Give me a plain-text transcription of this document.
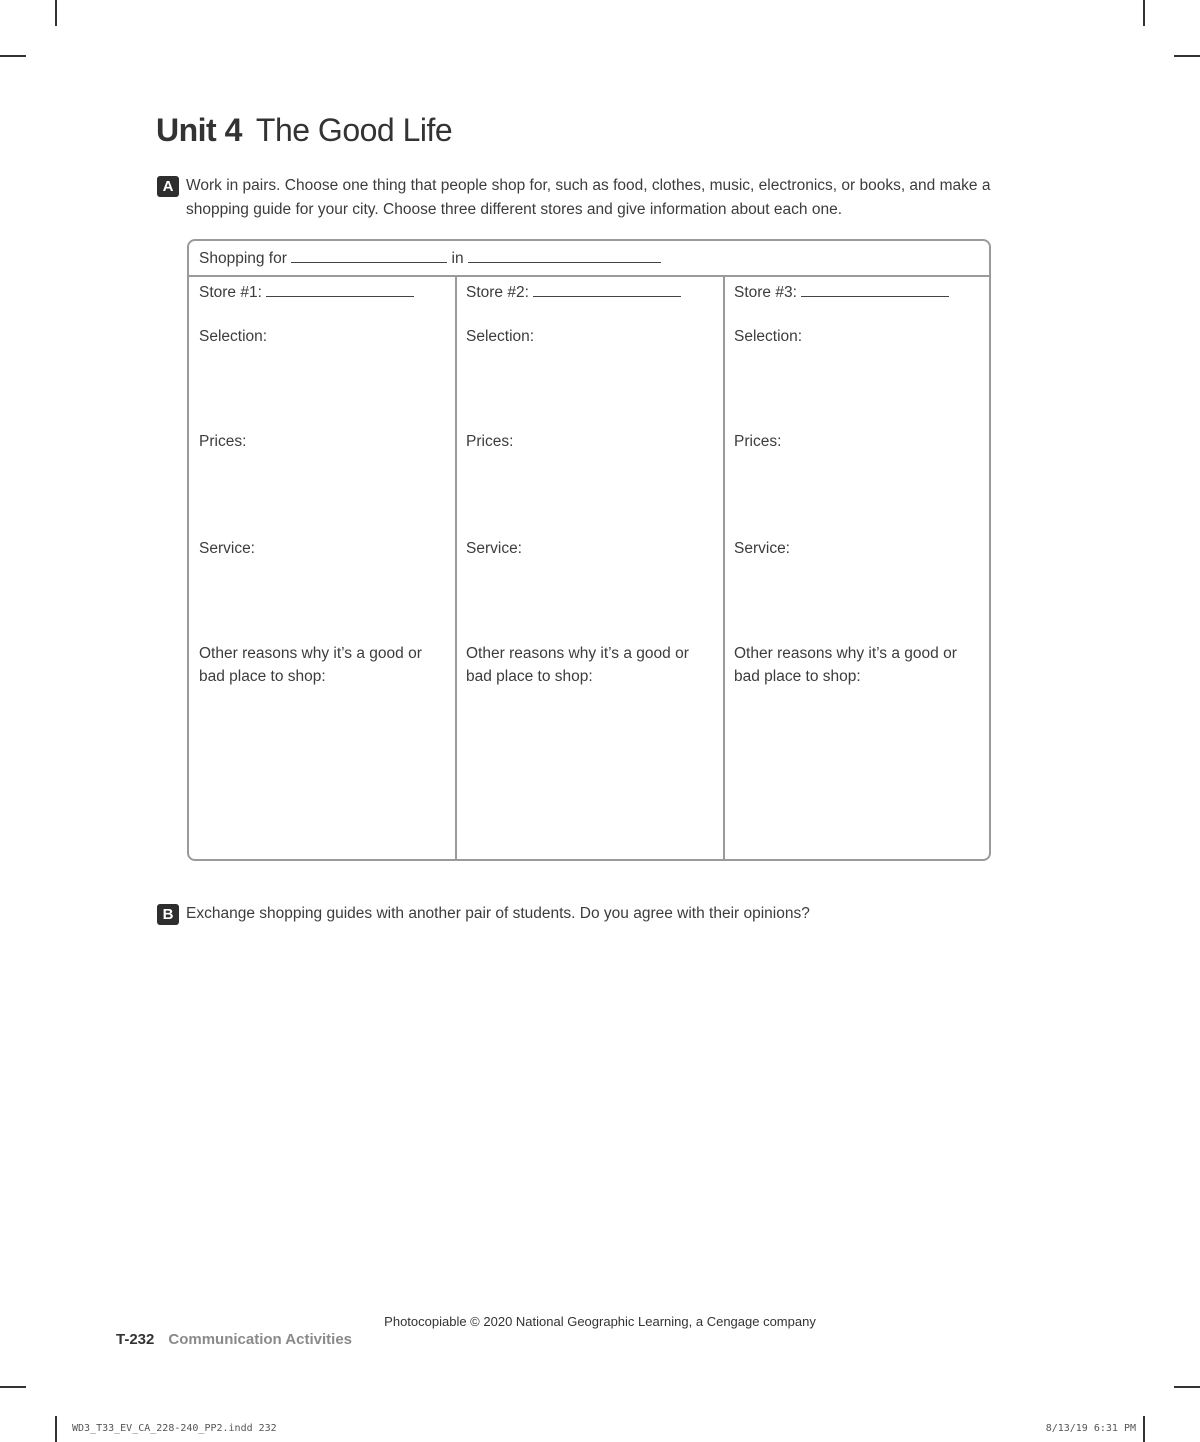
Unit 4 The Good Life
A Work in pairs. Choose one thing that people shop for, such as food, clothes, music, electronics, or books, and make a
shopping guide for your city. Choose three different stores and give information about each one.
Shopping for	in
Store #1:
Selection:
Prices:
Service:
Other reasons why it’s a good or bad place to shop:
Store #2:
Selection:
Prices:
Service:
Other reasons why it’s a good or bad place to shop:
Store #3:
Selection:
Prices:
Service:
Other reasons why it’s a good or bad place to shop:
B Exchange shopping guides with another pair of students. Do you agree with their opinions?
Photocopiable © 2020 National Geographic Learning, a Cengage company
T-232 Communication Activities
WD3_T33_EV_CA_228-240_PP2.indd 232	8/13/19 6:31 PM
